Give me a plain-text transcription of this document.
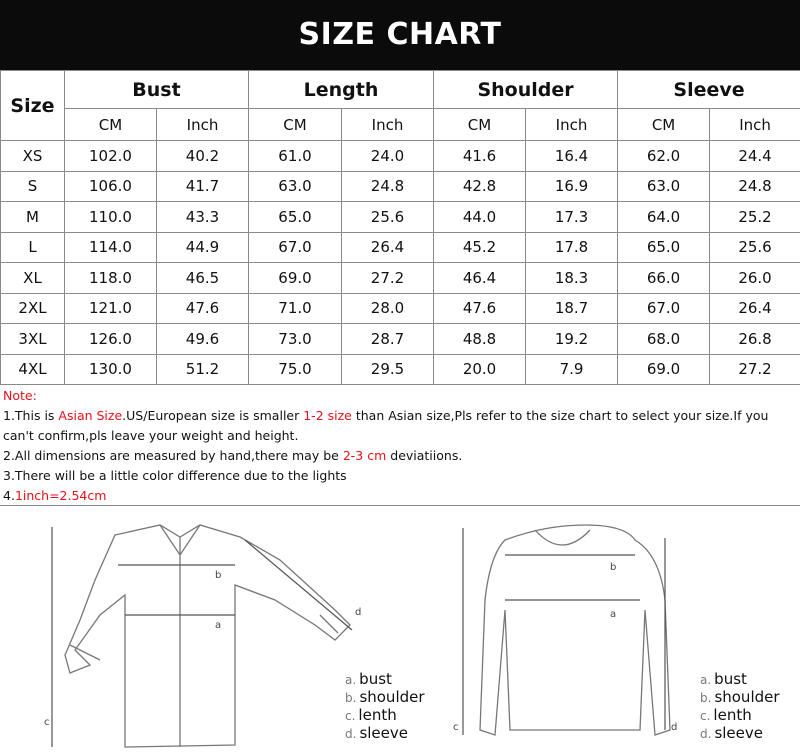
SIZE CHART
Size	Bust		Length		Shoulder		Sleeve	
	CM	Inch	CM	Inch	CM	Inch	CM	Inch
XS	102.0	40.2	61.0	24.0	41.6	16.4	62.0	24.4
S	106.0	41.7	63.0	24.8	42.8	16.9	63.0	24.8
M	110.0	43.3	65.0	25.6	44.0	17.3	64.0	25.2
L	114.0	44.9	67.0	26.4	45.2	17.8	65.0	25.6
XL	118.0	46.5	69.0	27.2	46.4	18.3	66.0	26.0
2XL	121.0	47.6	71.0	28.0	47.6	18.7	67.0	26.4
3XL	126.0	49.6	73.0	28.7	48.8	19.2	68.0	26.8
4XL	130.0	51.2	75.0	29.5	20.0	7.9	69.0	27.2
Note:
1.This is Asian Size.US/European size is smaller 1-2 size than Asian size,Pls refer to the size chart to select your size.If you
can't confirm,pls leave your weight and height.
2.All dimensions are measured by hand,there may be 2-3 cm deviatiions.
3.There will be a little color difference due to the lights
4.1inch=2.54cm
b
a
c
d
b
a
c	d
a. bust
b. shoulder
c. lenth
d. sleeve
a. bust
b. shoulder
c. lenth
d. sleeve
